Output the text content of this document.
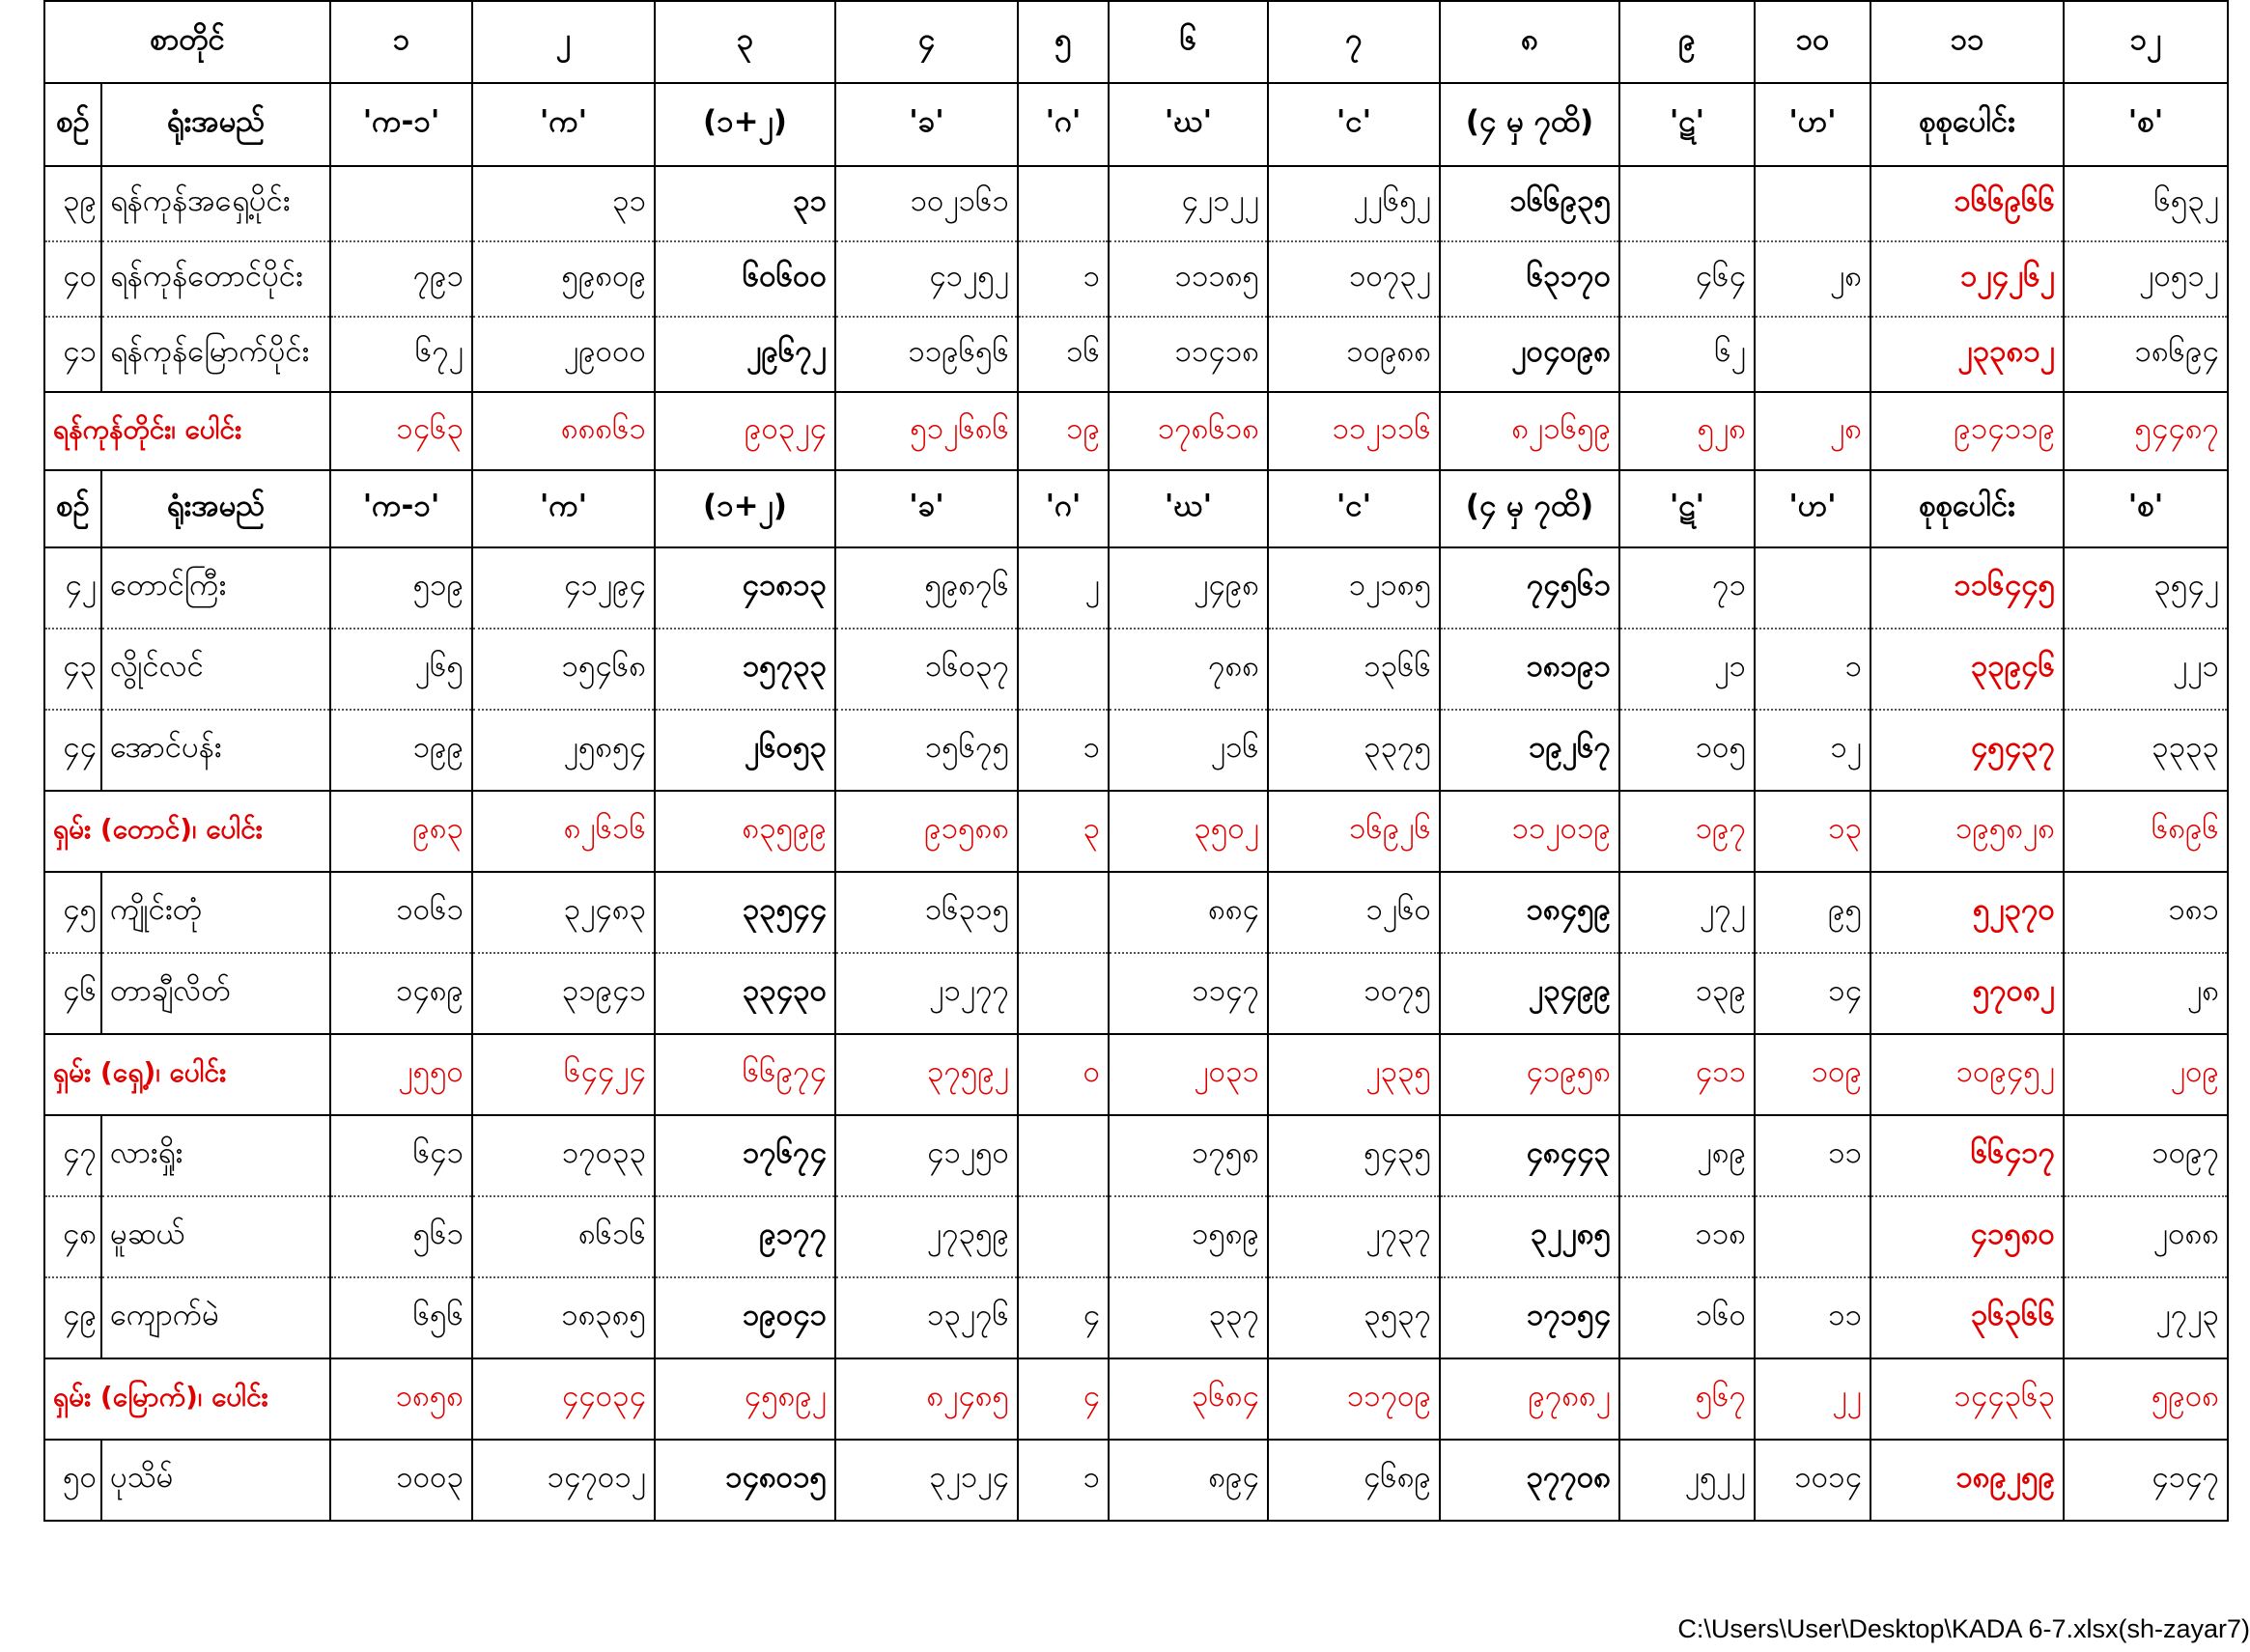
စာတိုင်		၁	၂	၃	၄	၅	၆	၇	၈	၉	၁၀	၁၁	၁၂
စဉ်	ရုံးအမည်	'က-၁'	'က'	(၁+၂)	'ခ'	'ဂ'	'ဃ'	'င'	(၄ မှ ၇ထိ)	'ဋ'	'ဟ'	စုစုပေါင်း	'စ'
၃၉	ရန်ကုန်အရှေ့ပိုင်း		၃၁	၃၁	၁၀၂၁၆၁		၄၂၁၂၂	၂၂၆၅၂	၁၆၆၉၃၅			၁၆၆၉၆၆	၆၅၃၂
၄၀	ရန်ကုန်တောင်ပိုင်း	၇၉၁	၅၉၈၀၉	၆၀၆၀၀	၄၁၂၅၂	၁	၁၁၁၈၅	၁၀၇၃၂	၆၃၁၇၀	၄၆၄	၂၈	၁၂၄၂၆၂	၂၀၅၁၂
၄၁	ရန်ကုန်မြောက်ပိုင်း	၆၇၂	၂၉၀၀၀	၂၉၆၇၂	၁၁၉၆၅၆	၁၆	၁၁၄၁၈	၁၀၉၈၈	၂၀၄၀၉၈	၆၂		၂၃၃၈၁၂	၁၈၆၉၄
ရန်ကုန်တိုင်း၊ ပေါင်း		၁၄၆၃	၈၈၈၆၁	၉၀၃၂၄	၅၁၂၆၈၆	၁၉	၁၇၈၆၁၈	၁၁၂၁၁၆	၈၂၁၆၅၉	၅၂၈	၂၈	၉၁၄၁၁၉	၅၄၄၈၇
စဉ်	ရုံးအမည်	'က-၁'	'က'	(၁+၂)	'ခ'	'ဂ'	'ဃ'	'င'	(၄ မှ ၇ထိ)	'ဋ'	'ဟ'	စုစုပေါင်း	'စ'
၄၂	တောင်ကြီး	၅၁၉	၄၁၂၉၄	၄၁၈၁၃	၅၉၈၇၆	၂	၂၄၉၈	၁၂၁၈၅	၇၄၅၆၁	၇၁		၁၁၆၄၄၅	၃၅၄၂
၄၃	လွိုင်လင်	၂၆၅	၁၅၄၆၈	၁၅၇၃၃	၁၆၀၃၇		၇၈၈	၁၃၆၆	၁၈၁၉၁	၂၁	၁	၃၃၉၄၆	၂၂၁
၄၄	အောင်ပန်း	၁၉၉	၂၅၈၅၄	၂၆၀၅၃	၁၅၆၇၅	၁	၂၁၆	၃၃၇၅	၁၉၂၆၇	၁၀၅	၁၂	၄၅၄၃၇	၃၃၃၃
ရှမ်း (တောင်)၊ ပေါင်း		၉၈၃	၈၂၆၁၆	၈၃၅၉၉	၉၁၅၈၈	၃	၃၅၀၂	၁၆၉၂၆	၁၁၂၀၁၉	၁၉၇	၁၃	၁၉၅၈၂၈	၆၈၉၆
၄၅	ကျိုင်းတုံ	၁၀၆၁	၃၂၄၈၃	၃၃၅၄၄	၁၆၃၁၅		၈၈၄	၁၂၆၀	၁၈၄၅၉	၂၇၂	၉၅	၅၂၃၇၀	၁၈၁
၄၆	တာချီလိတ်	၁၄၈၉	၃၁၉၄၁	၃၃၄၃၀	၂၁၂၇၇		၁၁၄၇	၁၀၇၅	၂၃၄၉၉	၁၃၉	၁၄	၅၇၀၈၂	၂၈
ရှမ်း (ရှေ့)၊ ပေါင်း		၂၅၅၀	၆၄၄၂၄	၆၆၉၇၄	၃၇၅၉၂	၀	၂၀၃၁	၂၃၃၅	၄၁၉၅၈	၄၁၁	၁၀၉	၁၀၉၄၅၂	၂၀၉
၄၇	လားရှိုး	၆၄၁	၁၇၀၃၃	၁၇၆၇၄	၄၁၂၅၀		၁၇၅၈	၅၄၃၅	၄၈၄၄၃	၂၈၉	၁၁	၆၆၄၁၇	၁၀၉၇
၄၈	မူဆယ်	၅၆၁	၈၆၁၆	၉၁၇၇	၂၇၃၅၉		၁၅၈၉	၂၇၃၇	၃၂၂၈၅	၁၁၈		၄၁၅၈၀	၂၀၈၈
၄၉	ကျောက်မဲ	၆၅၆	၁၈၃၈၅	၁၉၀၄၁	၁၃၂၇၆	၄	၃၃၇	၃၅၃၇	၁၇၁၅၄	၁၆၀	၁၁	၃၆၃၆၆	၂၇၂၃
ရှမ်း (မြောက်)၊ ပေါင်း		၁၈၅၈	၄၄၀၃၄	၄၅၈၉၂	၈၂၄၈၅	၄	၃၆၈၄	၁၁၇၀၉	၉၇၈၈၂	၅၆၇	၂၂	၁၄၄၃၆၃	၅၉၀၈
၅၀	ပုသိမ်	၁၀၀၃	၁၄၇၀၁၂	၁၄၈၀၁၅	၃၂၁၂၄	၁	၈၉၄	၄၆၈၉	၃၇၇၀၈	၂၅၂၂	၁၀၁၄	၁၈၉၂၅၉	၄၁၄၇
C:\Users\User\Desktop\KADA 6-7.xlsx(sh-zayar7)
